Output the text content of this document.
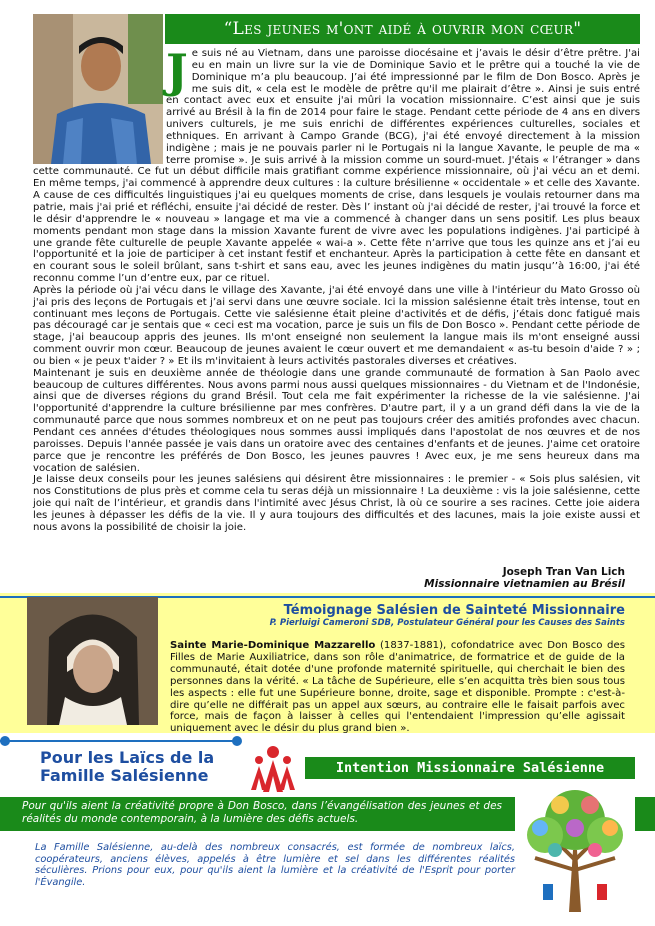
“Les jeunes m'ont aidé à ouvrir mon cœur"
J e suis né au Vietnam, dans une paroisse diocésaine et j’avais le désir d’être prêtre. J'ai eu en main un livre sur la vie de Dominique Savio et le prêtre qui a touché la vie de Dominique m’a plu beaucoup. J’ai été impressionné par le film de Don Bosco. Après je me suis dit, « cela est le modèle de prêtre qu'il me plairait d’être ». Ainsi je suis entré en contact avec eux et ensuite j'ai mûri la vocation missionnaire. C’est ainsi que je suis arrivé au Brésil à la fin de 2014 pour faire le stage. Pendant cette période de 4 ans en divers univers culturels, je me suis enrichi de différentes expériences culturelles, sociales et ethniques. En arrivant à Campo Grande (BCG), j'ai été envoyé directement à la mission indigène ; mais je ne pouvais parler ni le Portugais ni la langue Xavante, le peuple de ma « terre promise ». Je suis arrivé à la mission comme un sourd-muet. J'étais « l’étranger » dans cette communauté. Ce fut un début difficile mais gratifiant comme expérience missionnaire, où j'ai vécu an et demi. En même temps, j'ai commencé à apprendre deux cultures : la culture brésilienne « occidentale » et celle des Xavante. A cause de ces difficultés linguistiques j'ai eu quelques moments de crise, dans lesquels je voulais retourner dans ma patrie, mais j'ai prié et réfléchi, ensuite j'ai décidé de rester. Dès l’ instant où j'ai décidé de rester, j'ai trouvé la force et le désir d'apprendre le « nouveau » langage et ma vie a commencé à changer dans un sens positif. Les plus beaux moments pendant mon stage dans la mission Xavante furent de vivre avec les populations indigènes. J'ai participé à une grande fête culturelle de peuple Xavante appelée « wai-a ». Cette fête n’arrive que tous les quinze ans et j’ai eu l'opportunité et la joie de participer à cet instant festif et enchanteur. Après la participation à cette fête en dansant et en courant sous le soleil brûlant, sans t-shirt et sans eau, avec les jeunes indigènes du matin jusqu’’à 16:00, j'ai été reconnu comme l’un d’entre eux, par ce rituel.

Après la période où j'ai vécu dans le village des Xavante, j'ai été envoyé dans une ville à l'intérieur du Mato Grosso où j'ai pris des leçons de Portugais et j’ai servi dans une œuvre sociale. Ici la mission salésienne était très intense, tout en continuant mes leçons de Portugais. Cette vie salésienne était pleine d'activités et de défis, j’étais donc fatigué mais pas découragé car je sentais que « ceci est ma vocation, parce je suis un fils de Don Bosco ». Pendant cette période de stage, j'ai beaucoup appris des jeunes. Ils m'ont enseigné non seulement la langue mais ils m'ont enseigné aussi comment ouvrir mon cœur. Beaucoup de jeunes avaient le cœur ouvert et me demandaient « as-tu besoin d'aide ? » ; ou bien « je peux t'aider ? » Et ils m'invitaient à leurs activités pastorales diverses et créatives.

Maintenant je suis en deuxième année de théologie dans une grande communauté de formation à San Paolo avec beaucoup de cultures différentes. Nous avons parmi nous aussi quelques missionnaires - du Vietnam et de l'Indonésie, ainsi que de diverses régions du grand Brésil. Tout cela me fait expérimenter la richesse de la vie salésienne. J'ai l'opportunité d'apprendre la culture brésilienne par mes confrères. D'autre part, il y a un grand défi dans la vie de la communauté parce que nous sommes nombreux et on ne peut pas toujours créer des amitiés profondes avec chacun. Pendant ces années d'études théologiques nous sommes aussi impliqués dans l'apostolat de nos œuvres et de nos paroisses. Depuis l'année passée je vais dans un oratoire avec des centaines d'enfants et de jeunes. J'aime cet oratoire parce que je rencontre les préférés de Don Bosco, les jeunes pauvres ! Avec eux, je me sens heureux dans ma vocation de salésien.

Je laisse deux conseils pour les jeunes salésiens qui désirent être missionnaires : le premier - « Sois plus salésien, vit nos Constitutions de plus près et comme cela tu seras déjà un missionnaire ! La deuxième : vis la joie salésienne, cette joie qui naît de l’intérieur, et grandis dans l'intimité avec Jésus Christ, là où ce sourire a ses racines. Cette joie aidera les jeunes à dépasser les défis de la vie. Il y aura toujours des difficultés et des lacunes, mais la joie existe aussi et nous avons la possibilité de choisir la joie.

Joseph Tran Van Lich
Missionnaire vietnamien au Brésil
Témoignage Salésien de Sainteté Missionnaire
P. Pierluigi Cameroni SDB, Postulateur Général pour les Causes des Saints
Sainte Marie-Dominique Mazzarello (1837-1881), cofondatrice avec Don Bosco des Filles de Marie Auxiliatrice, dans son rôle d'animatrice, de formatrice et de guide de la communauté, était dotée d'une profonde maternité spirituelle, qui cherchait le bien des personnes dans la vérité. « La tâche de Supérieure, elle s’en acquitta très bien sous tous les aspects : elle fut une Supérieure bonne, droite, sage et disponible. Prompte : c'est-à-dire qu’elle ne différait pas un appel aux sœurs, au contraire elle le faisait parfois avec force, mais de façon à laisser à celles qui l'entendaient l'impression qu’elle agissait uniquement avec le désir du plus grand bien ».
Pour les Laïcs de la Famille Salésienne	Intention Missionnaire Salésienne
Pour qu'ils aient la créativité propre à Don Bosco, dans l’évangélisation des jeunes et des réalités du monde contemporain, à la lumière des défis actuels.
La Famille Salésienne, au-delà des nombreux consacrés, est formée de nombreux laïcs, coopérateurs, anciens élèves, appelés à être lumière et sel dans les différentes réalités séculières. Prions pour eux, pour qu'ils aient la lumière et la créativité de l'Esprit pour porter l'Évangile.
